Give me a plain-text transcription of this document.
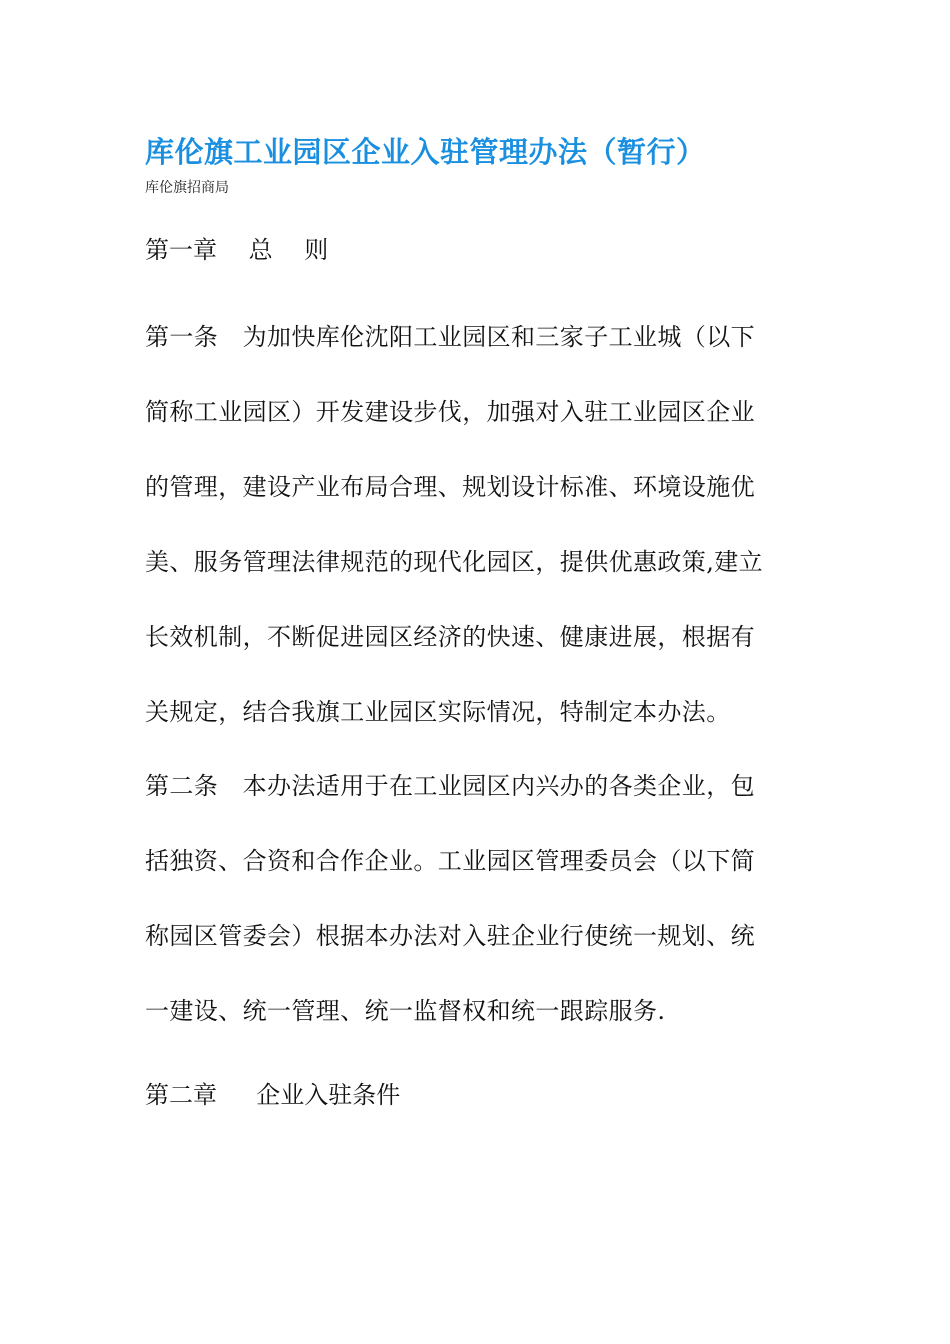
库伦旗工业园区企业入驻管理办法（暂行）
库伦旗招商局
第一章　 总　 则
第一条　为加快库伦沈阳工业园区和三家子工业城（以下
简称工业园区）开发建设步伐，加强对入驻工业园区企业
的管理，建设产业布局合理、规划设计标准、环境设施优
美、服务管理法律规范的现代化园区，提供优惠政策,建立
长效机制，不断促进园区经济的快速、健康进展，根据有
关规定，结合我旗工业园区实际情况，特制定本办法。
第二条　本办法适用于在工业园区内兴办的各类企业，包
括独资、合资和合作企业。工业园区管理委员会（以下简
称园区管委会）根据本办法对入驻企业行使统一规划、统
一建设、统一管理、统一监督权和统一跟踪服务.
第二章　  企业入驻条件
